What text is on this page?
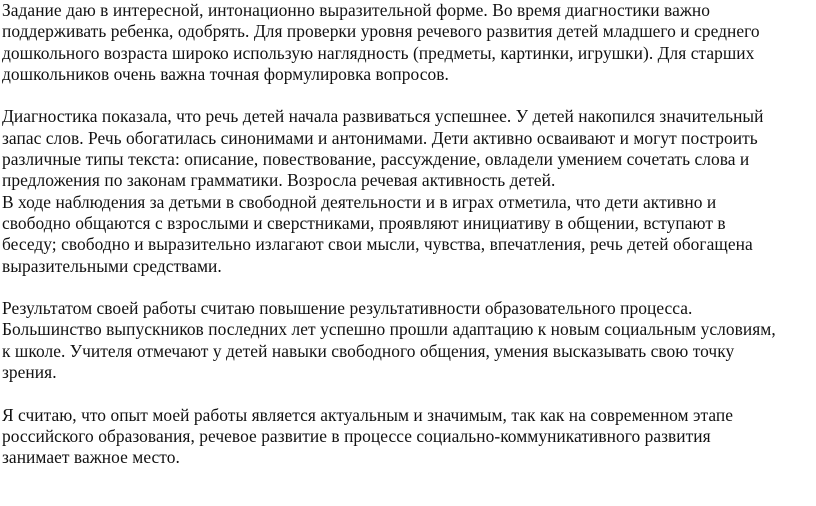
Задание даю в интересной, интонационно выразительной форме. Во время диагностики важно
поддерживать ребенка, одобрять. Для проверки уровня речевого развития детей младшего и среднего
дошкольного возраста широко использую наглядность (предметы, картинки, игрушки). Для старших
дошкольников очень важна точная формулировка вопросов.

Диагностика показала, что речь детей начала развиваться успешнее. У детей накопился значительный
запас слов. Речь обогатилась синонимами и антонимами. Дети активно осваивают и могут построить
различные типы текста: описание, повествование, рассуждение, овладели умением сочетать слова и
предложения по законам грамматики. Возросла речевая активность детей.
В ходе наблюдения за детьми в свободной деятельности и в играх отметила, что дети активно и
свободно общаются с взрослыми и сверстниками, проявляют инициативу в общении, вступают в
беседу; свободно и выразительно излагают свои мысли, чувства, впечатления, речь детей обогащена
выразительными средствами.

Результатом своей работы считаю повышение результативности образовательного процесса.
Большинство выпускников последних лет успешно прошли адаптацию к новым социальным условиям,
к школе. Учителя отмечают у детей навыки свободного общения, умения высказывать свою точку
зрения.

Я считаю, что опыт моей работы является актуальным и значимым, так как на современном этапе
российского образования, речевое развитие в процессе социально-коммуникативного развития
занимает важное место.
